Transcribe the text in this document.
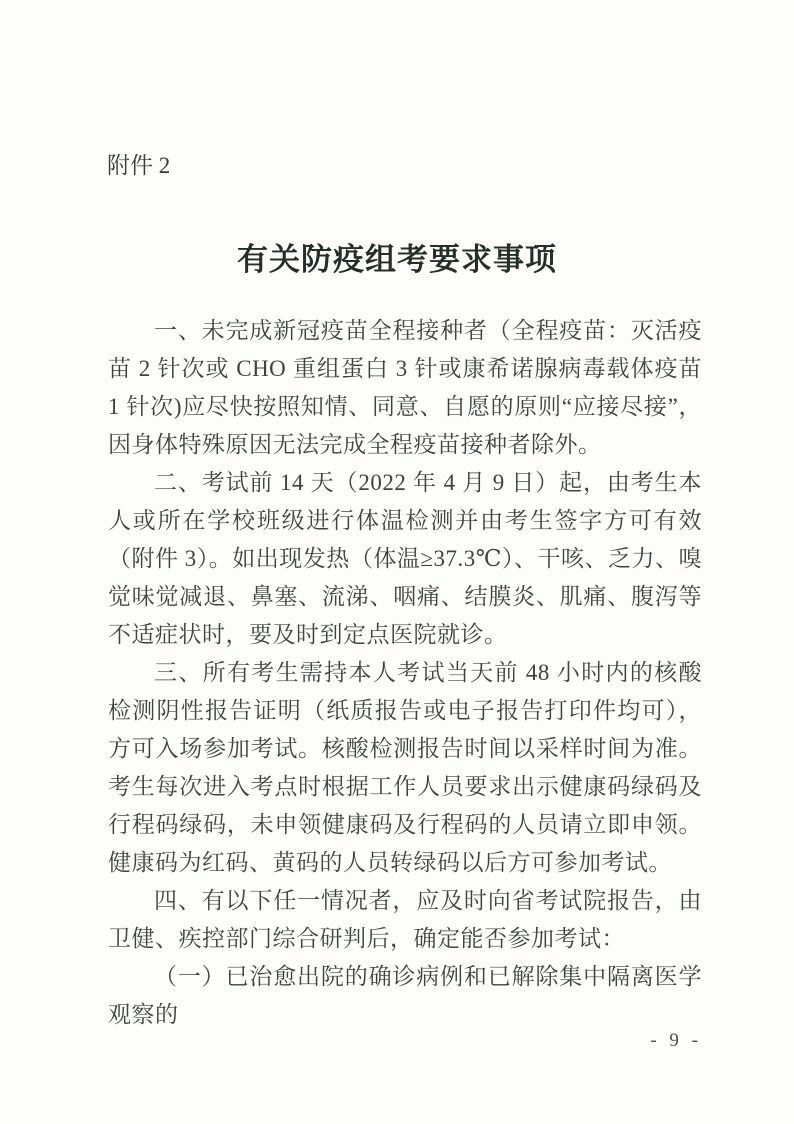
附件 2
有关防疫组考要求事项

一、未完成新冠疫苗全程接种者（全程疫苗：灭活疫苗 2 针次或 CHO 重组蛋白 3 针或康希诺腺病毒载体疫苗 1 针次)应尽快按照知情、同意、自愿的原则“应接尽接”，因身体特殊原因无法完成全程疫苗接种者除外。

二、考试前 14 天（2022 年 4 月 9 日）起，由考生本人或所在学校班级进行体温检测并由考生签字方可有效（附件 3）。如出现发热（体温≥37.3℃）、干咳、乏力、嗅觉味觉减退、鼻塞、流涕、咽痛、结膜炎、肌痛、腹泻等不适症状时，要及时到定点医院就诊。

三、所有考生需持本人考试当天前 48 小时内的核酸检测阴性报告证明（纸质报告或电子报告打印件均可），方可入场参加考试。核酸检测报告时间以采样时间为准。考生每次进入考点时根据工作人员要求出示健康码绿码及行程码绿码，未申领健康码及行程码的人员请立即申领。健康码为红码、黄码的人员转绿码以后方可参加考试。

四、有以下任一情况者，应及时向省考试院报告，由卫健、疾控部门综合研判后，确定能否参加考试：

（一）已治愈出院的确诊病例和已解除集中隔离医学观察的

- 9 -
